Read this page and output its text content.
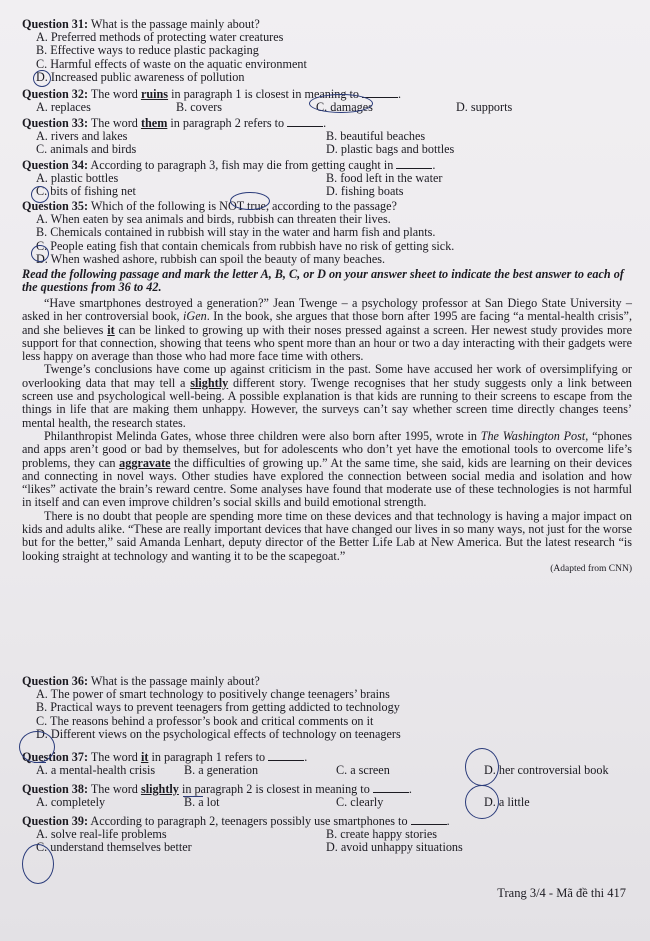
Question 31: What is the passage mainly about?
A. Preferred methods of protecting water creatures
B. Effective ways to reduce plastic packaging
C. Harmful effects of waste on the aquatic environment
D. Increased public awareness of pollution
Question 32: The word ruins in paragraph 1 is closest in meaning to	.
A. replaces	B. covers	C. damages	D. supports
Question 33: The word them in paragraph 2 refers to	.
A. rivers and lakes	B. beautiful beaches
C. animals and birds	D. plastic bags and bottles
Question 34: According to paragraph 3, fish may die from getting caught in	.
A. plastic bottles	B. food left in the water
C. bits of fishing net	D. fishing boats
Question 35: Which of the following is NOT true, according to the passage?
A. When eaten by sea animals and birds, rubbish can threaten their lives.
B. Chemicals contained in rubbish will stay in the water and harm fish and plants.
C. People eating fish that contain chemicals from rubbish have no risk of getting sick.
D. When washed ashore, rubbish can spoil the beauty of many beaches.
Read the following passage and mark the letter A, B, C, or D on your answer sheet to indicate the best answer to each of the questions from 36 to 42.

“Have smartphones destroyed a generation?” Jean Twenge – a psychology professor at San Diego State University – asked in her controversial book, iGen. In the book, she argues that those born after 1995 are facing “a mental-health crisis”, and she believes it can be linked to growing up with their noses pressed against a screen. Her newest study provides more support for that connection, showing that teens who spent more than an hour or two a day interacting with their gadgets were less happy on average than those who had more face time with others.

Twenge’s conclusions have come up against criticism in the past. Some have accused her work of oversimplifying or overlooking data that may tell a slightly different story. Twenge recognises that her study suggests only a link between screen use and psychological well-being. A possible explanation is that kids are running to their screens to escape from the things in life that are making them unhappy. However, the surveys can’t say whether screen time directly changes teens’ mental health, the research states.

Philanthropist Melinda Gates, whose three children were also born after 1995, wrote in The Washington Post, “phones and apps aren’t good or bad by themselves, but for adolescents who don’t yet have the emotional tools to overcome life’s problems, they can aggravate the difficulties of growing up.” At the same time, she said, kids are learning on their devices and connecting in novel ways. Other studies have explored the connection between social media and isolation and how “likes” activate the brain’s reward centre. Some analyses have found that moderate use of these technologies is not harmful in itself and can even improve children’s social skills and build emotional strength.

There is no doubt that people are spending more time on these devices and that technology is having a major impact on kids and adults alike. “These are really important devices that have changed our lives in so many ways, not just for the worse but for the better,” said Amanda Lenhart, deputy director of the Better Life Lab at New America. But the latest research “is looking straight at technology and wanting it to be the scapegoat.”

(Adapted from CNN)
Question 36: What is the passage mainly about?
A. The power of smart technology to positively change teenagers’ brains
B. Practical ways to prevent teenagers from getting addicted to technology
C. The reasons behind a professor’s book and critical comments on it
D. Different views on the psychological effects of technology on teenagers
Question 37: The word it in paragraph 1 refers to	.
A. a mental-health crisis	B. a generation	C. a screen	D. her controversial book
Question 38: The word slightly in paragraph 2 is closest in meaning to	.
A. completely	B. a lot	C. clearly	D. a little
Question 39: According to paragraph 2, teenagers possibly use smartphones to	.
A. solve real-life problems	B. create happy stories
C. understand themselves better	D. avoid unhappy situations
Trang 3/4 - Mã đề thi 417
